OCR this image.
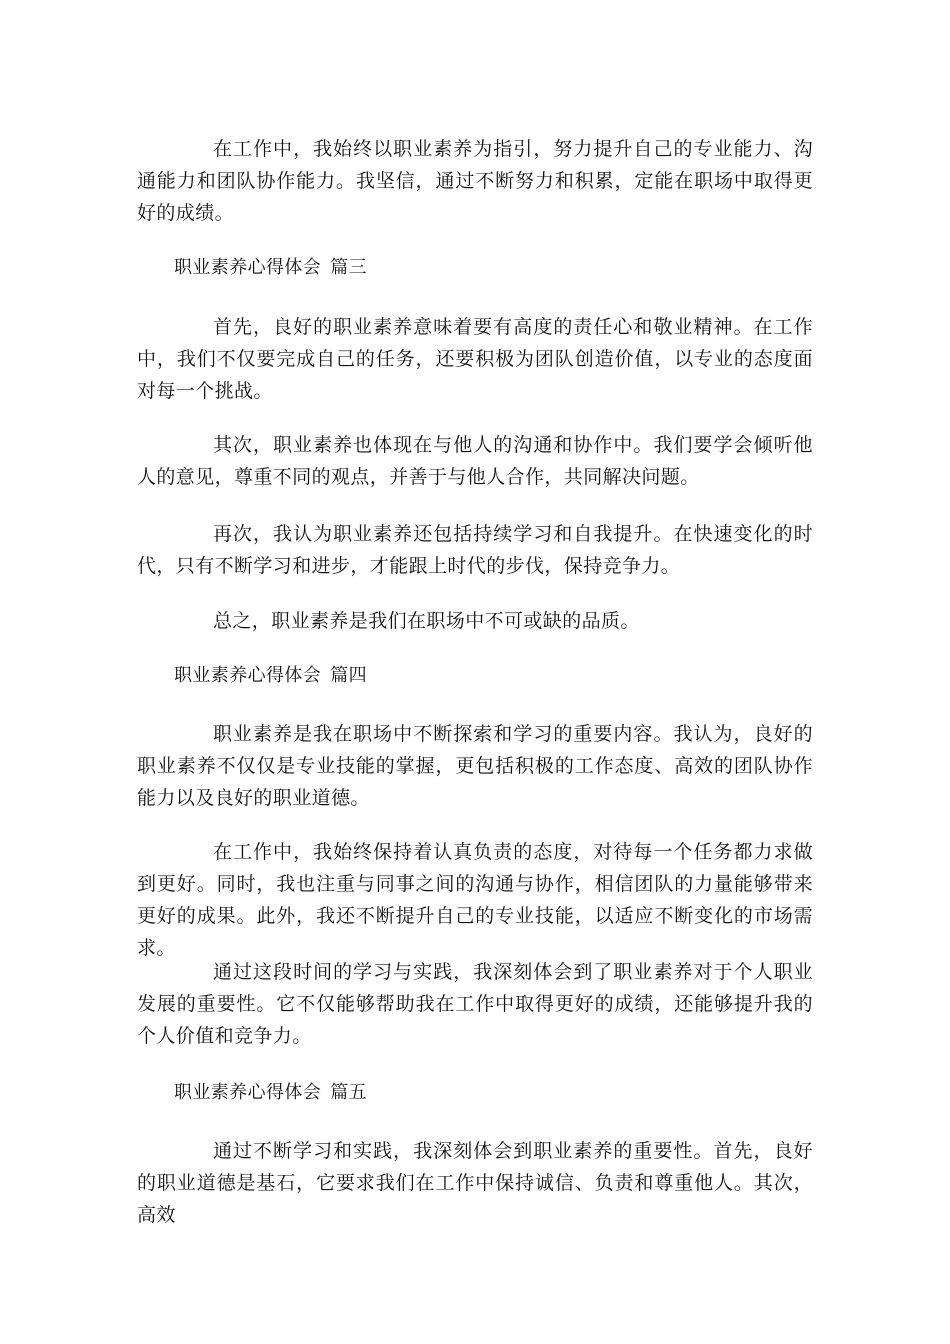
在工作中，我始终以职业素养为指引，努力提升自己的专业能力、沟通能力和团队协作能力。我坚信，通过不断努力和积累，定能在职场中取得更好的成绩。

职业素养心得体会 篇三

首先，良好的职业素养意味着要有高度的责任心和敬业精神。在工作中，我们不仅要完成自己的任务，还要积极为团队创造价值，以专业的态度面对每一个挑战。

其次，职业素养也体现在与他人的沟通和协作中。我们要学会倾听他人的意见，尊重不同的观点，并善于与他人合作，共同解决问题。

再次，我认为职业素养还包括持续学习和自我提升。在快速变化的时代，只有不断学习和进步，才能跟上时代的步伐，保持竞争力。

总之，职业素养是我们在职场中不可或缺的品质。

职业素养心得体会 篇四

职业素养是我在职场中不断探索和学习的重要内容。我认为，良好的职业素养不仅仅是专业技能的掌握，更包括积极的工作态度、高效的团队协作能力以及良好的职业道德。

在工作中，我始终保持着认真负责的态度，对待每一个任务都力求做到更好。同时，我也注重与同事之间的沟通与协作，相信团队的力量能够带来更好的成果。此外，我还不断提升自己的专业技能，以适应不断变化的市场需求。

通过这段时间的学习与实践，我深刻体会到了职业素养对于个人职业发展的重要性。它不仅能够帮助我在工作中取得更好的成绩，还能够提升我的个人价值和竞争力。

职业素养心得体会 篇五

通过不断学习和实践，我深刻体会到职业素养的重要性。首先，良好的职业道德是基石，它要求我们在工作中保持诚信、负责和尊重他人。其次，高效
